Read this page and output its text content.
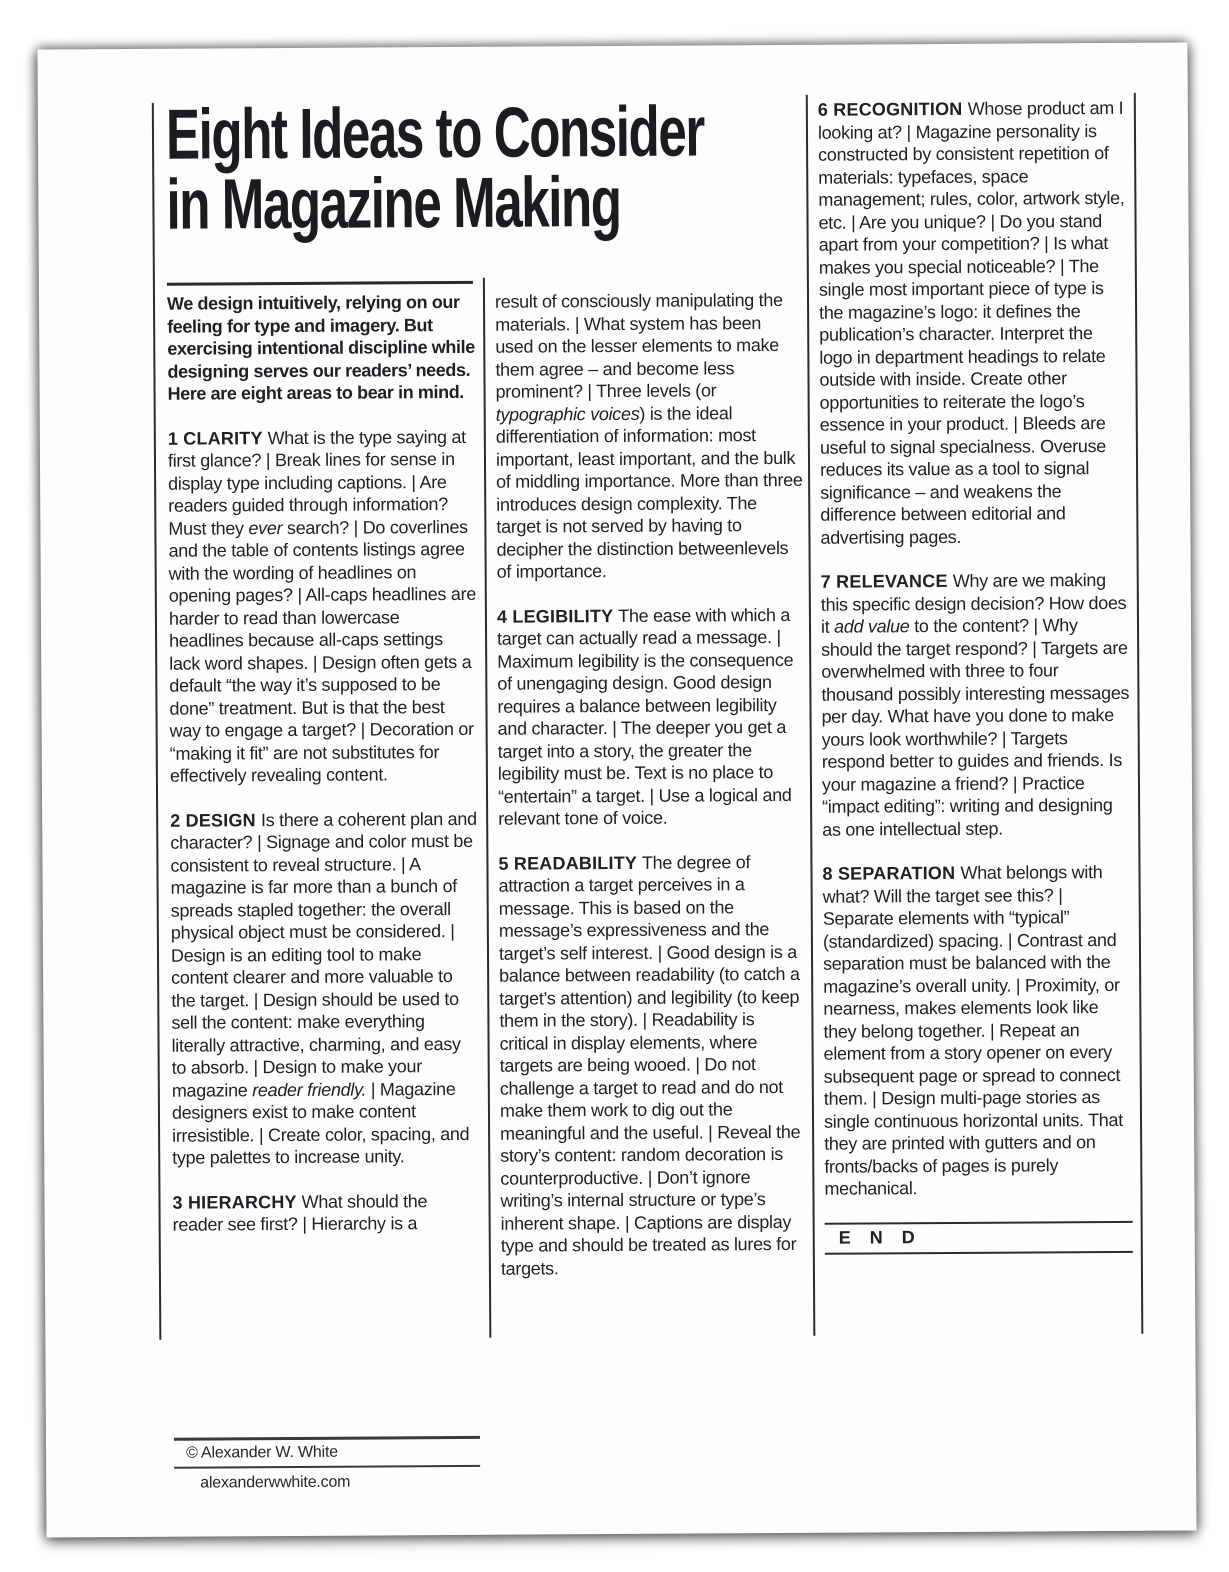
Eight Ideas to Consider
in Magazine Making

We design intuitively, relying on our feeling for type and imagery. But exercising intentional discipline while designing serves our readers’ needs. Here are eight areas to bear in mind.

1 CLARITY What is the type saying at first glance? | Break lines for sense in display type including captions. | Are readers guided through information? Must they ever search? | Do coverlines and the table of contents listings agree with the wording of headlines on opening pages? | All-caps headlines are harder to read than lowercase headlines because all-caps settings lack word shapes. | Design often gets a default “the way it’s supposed to be done” treatment. But is that the best way to engage a target? | Decoration or “making it fit” are not substitutes for effectively revealing content.

2 DESIGN Is there a coherent plan and character? | Signage and color must be consistent to reveal structure. | A magazine is far more than a bunch of spreads stapled together: the overall physical object must be considered. | Design is an editing tool to make content clearer and more valuable to the target. | Design should be used to sell the content: make everything literally attractive, charming, and easy to absorb. | Design to make your magazine reader friendly. | Magazine designers exist to make content irresistible. | Create color, spacing, and type palettes to increase unity.

3 HIERARCHY What should the reader see first? | Hierarchy is a

result of consciously manipulating the materials. | What system has been used on the lesser elements to make them agree – and become less prominent? | Three levels (or typographic voices) is the ideal differentiation of information: most important, least important, and the bulk of middling importance. More than three introduces design complexity. The target is not served by having to decipher the distinction betweenlevels of importance.

4 LEGIBILITY The ease with which a target can actually read a message. | Maximum legibility is the consequence of unengaging design. Good design requires a balance between legibility and character. | The deeper you get a target into a story, the greater the legibility must be. Text is no place to “entertain” a target. | Use a logical and relevant tone of voice.

5 READABILITY The degree of attraction a target perceives in a message. This is based on the message’s expressiveness and the target’s self interest. | Good design is a balance between readability (to catch a target’s attention) and legibility (to keep them in the story). | Readability is critical in display elements, where targets are being wooed. | Do not challenge a target to read and do not make them work to dig out the meaningful and the useful. | Reveal the story’s content: random decoration is counterproductive. | Don’t ignore writing’s internal structure or type’s inherent shape. | Captions are display type and should be treated as lures for targets.

6 RECOGNITION Whose product am I looking at? | Magazine personality is constructed by consistent repetition of materials: typefaces, space management; rules, color, artwork style, etc. | Are you unique? | Do you stand apart from your competition? | Is what makes you special noticeable? | The single most important piece of type is the magazine’s logo: it defines the publication’s character. Interpret the logo in department headings to relate outside with inside. Create other opportunities to reiterate the logo’s essence in your product. | Bleeds are useful to signal specialness. Overuse reduces its value as a tool to signal significance – and weakens the difference between editorial and advertising pages.

7 RELEVANCE Why are we making this specific design decision? How does it add value to the content? | Why should the target respond? | Targets are overwhelmed with three to four thousand possibly interesting messages per day. What have you done to make yours look worthwhile? | Targets respond better to guides and friends. Is your magazine a friend? | Practice “impact editing”: writing and designing as one intellectual step.

8 SEPARATION What belongs with what? Will the target see this? | Separate elements with “typical” (standardized) spacing. | Contrast and separation must be balanced with the magazine’s overall unity. | Proximity, or nearness, makes elements look like they belong together. | Repeat an element from a story opener on every subsequent page or spread to connect them. | Design multi-page stories as single continuous horizontal units. That they are printed with gutters and on fronts/backs of pages is purely mechanical.

E N D
© Alexander W. White
alexanderwwhite.com
